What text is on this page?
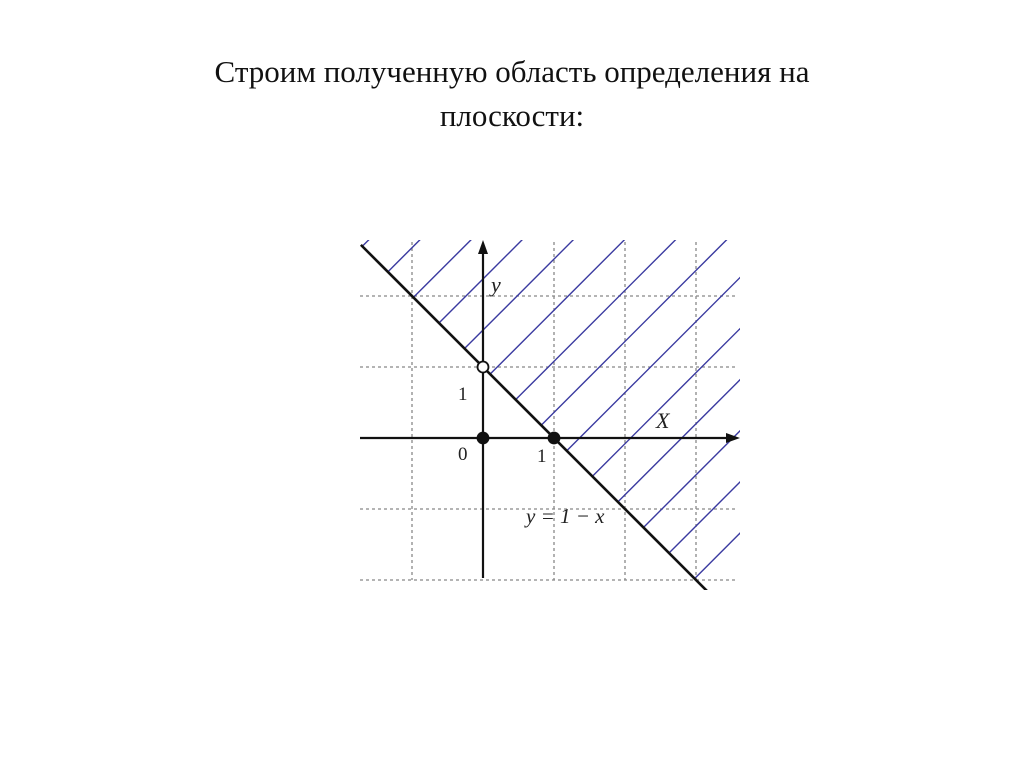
Строим полученную область определения на
плоскости:
y
X
0
1
1
y = 1 − x
